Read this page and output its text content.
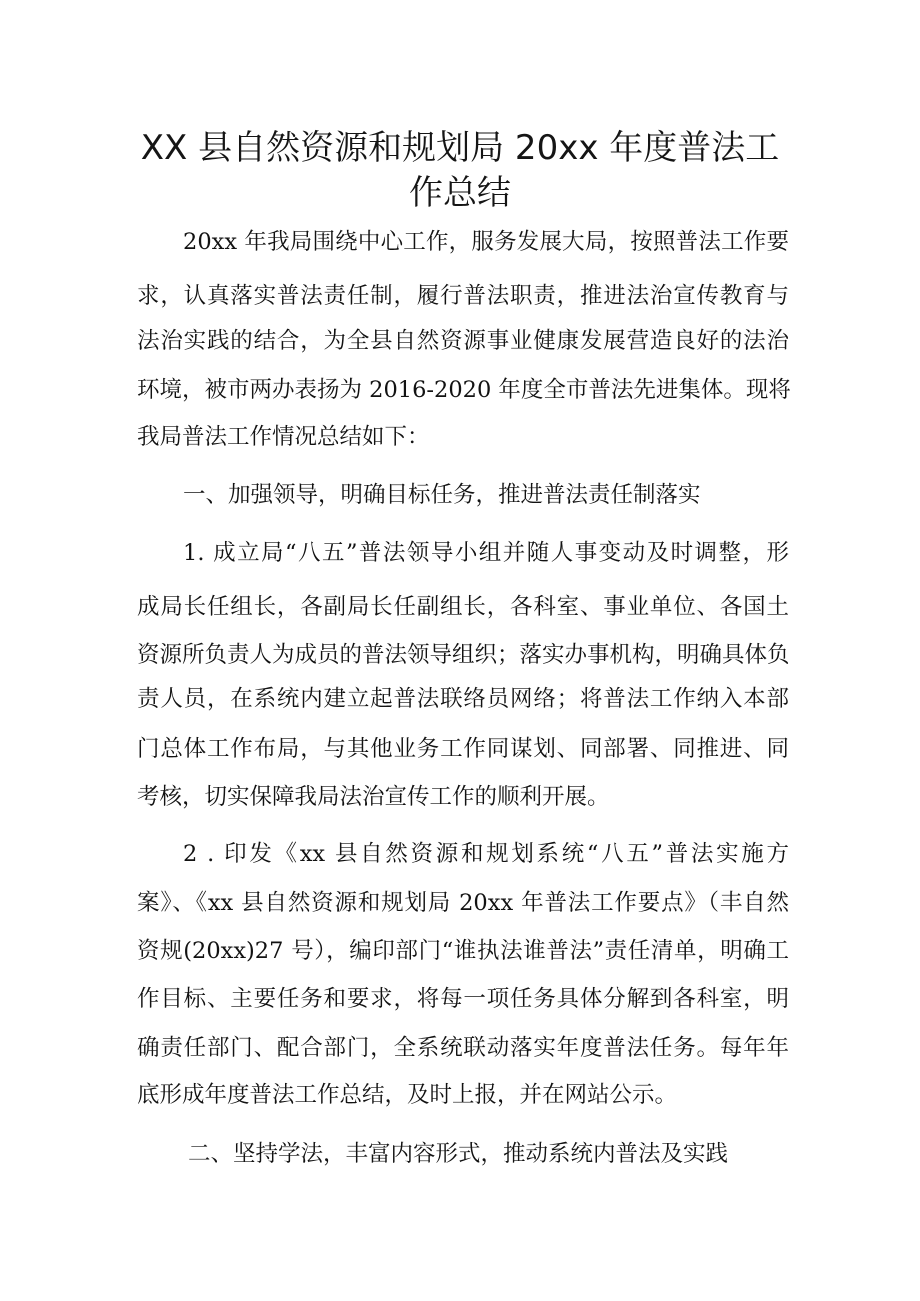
XX 县自然资源和规划局 20xx 年度普法工
作总结
20xx 年我局围绕中心工作，服务发展大局，按照普法工作要
求，认真落实普法责任制，履行普法职责，推进法治宣传教育与
法治实践的结合，为全县自然资源事业健康发展营造良好的法治
环境，被市两办表扬为 2016-2020 年度全市普法先进集体。现将
我局普法工作情况总结如下：
一、加强领导，明确目标任务，推进普法责任制落实
1. 成立局“八五”普法领导小组并随人事变动及时调整，形
成局长任组长，各副局长任副组长，各科室、事业单位、各国土
资源所负责人为成员的普法领导组织；落实办事机构，明确具体负
责人员，在系统内建立起普法联络员网络；将普法工作纳入本部
门总体工作布局，与其他业务工作同谋划、同部署、同推进、同
考核，切实保障我局法治宣传工作的顺利开展。
2 . 印发《xx 县自然资源和规划系统“八五”普法实施方
案》、《xx 县自然资源和规划局 20xx 年普法工作要点》（丰自然
资规(20xx)27 号），编印部门“谁执法谁普法”责任清单，明确工
作目标、主要任务和要求，将每一项任务具体分解到各科室，明
确责任部门、配合部门，全系统联动落实年度普法任务。每年年
底形成年度普法工作总结，及时上报，并在网站公示。
二、坚持学法，丰富内容形式，推动系统内普法及实践
